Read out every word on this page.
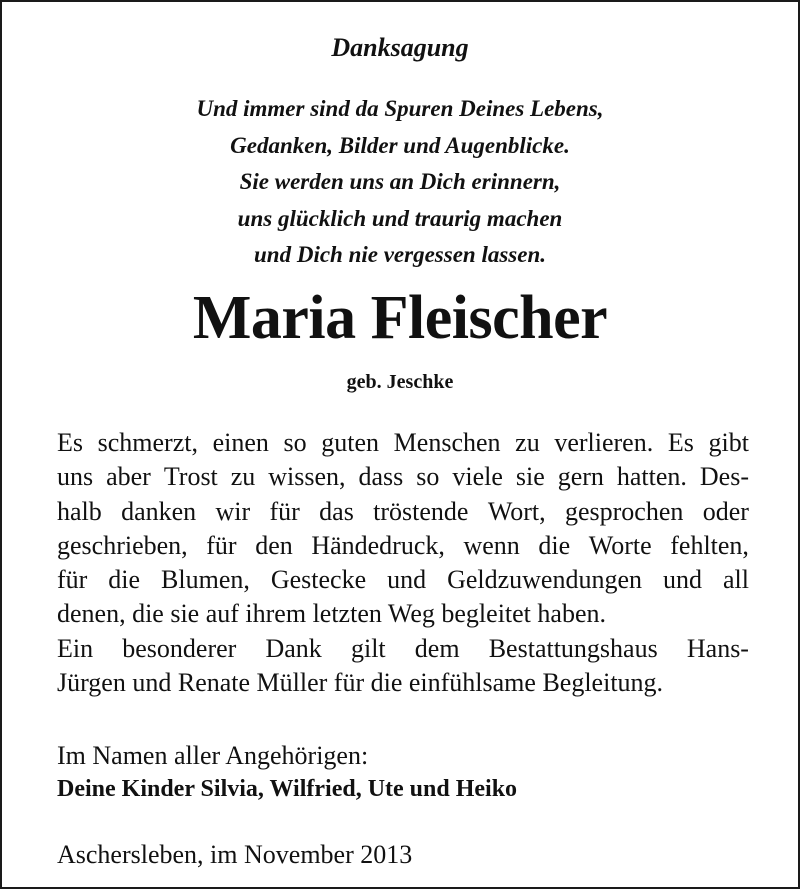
Danksagung
Und immer sind da Spuren Deines Lebens,
Gedanken, Bilder und Augenblicke.
Sie werden uns an Dich erinnern,
uns glücklich und traurig machen
und Dich nie vergessen lassen.
Maria Fleischer
geb. Jeschke
Es schmerzt, einen so guten Menschen zu verlieren. Es gibt
uns aber Trost zu wissen, dass so viele sie gern hatten. Des-
halb danken wir für das tröstende Wort, gesprochen oder
geschrieben, für den Händedruck, wenn die Worte fehlten,
für die Blumen, Gestecke und Geldzuwendungen und all
denen, die sie auf ihrem letzten Weg begleitet haben.
Ein besonderer Dank gilt dem Bestattungshaus Hans-
Jürgen und Renate Müller für die einfühlsame Begleitung.
Im Namen aller Angehörigen:
Deine Kinder Silvia, Wilfried, Ute und Heiko
Aschersleben, im November 2013
